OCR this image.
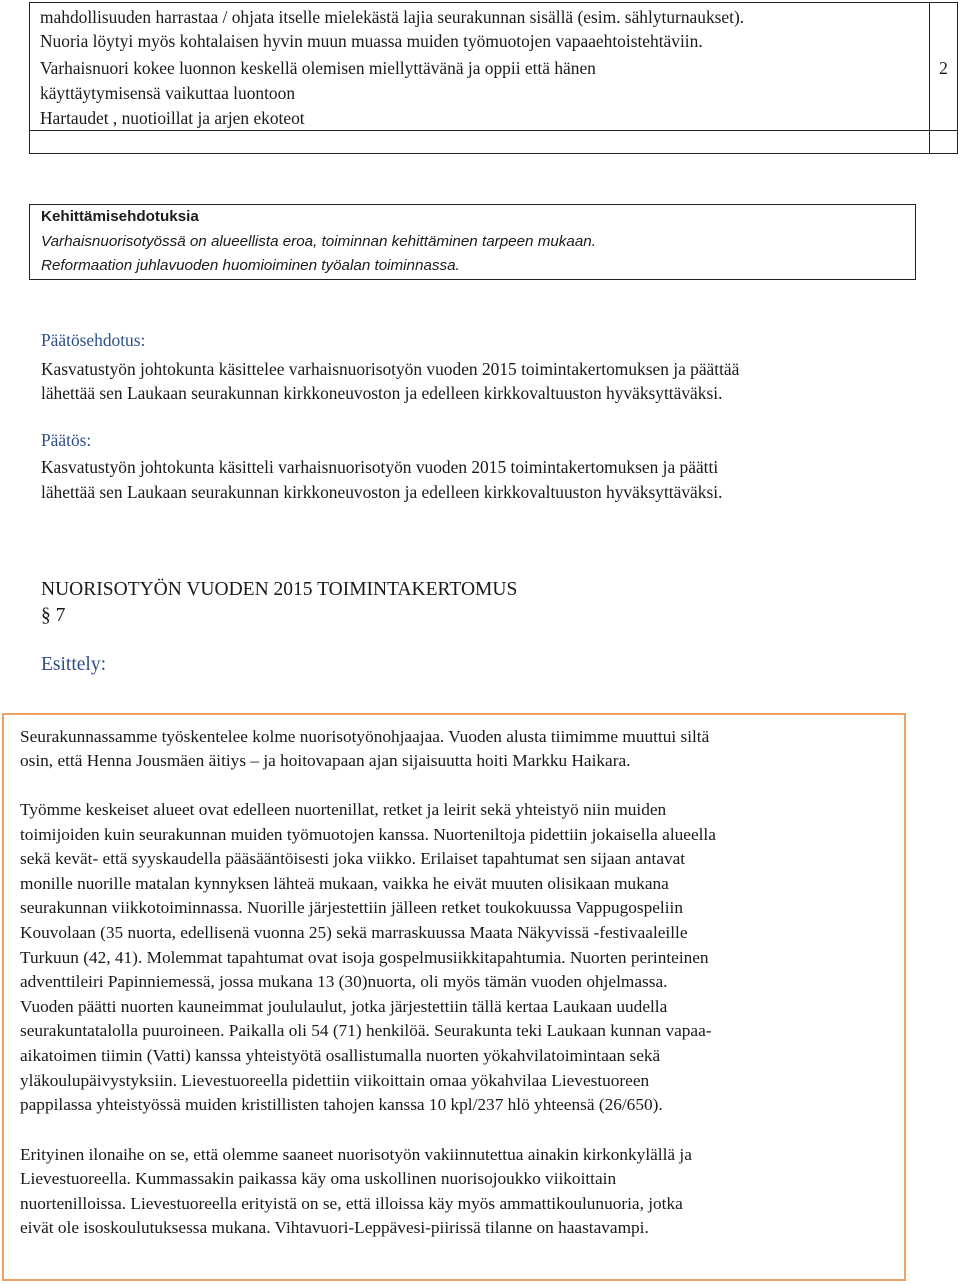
mahdollisuuden harrastaa / ohjata itselle mielekästä lajia seurakunnan sisällä (esim. sählyturnaukset).
Nuoria löytyi myös kohtalaisen hyvin muun muassa muiden työmuotojen vapaaehtoistehtäviin.
Varhaisnuori kokee luonnon keskellä olemisen miellyttävänä ja oppii että hänen
käyttäytymisensä vaikuttaa luontoon
Hartaudet , nuotioillat ja arjen ekoteot
2
Kehittämisehdotuksia
Varhaisnuorisotyössä on alueellista eroa, toiminnan kehittäminen tarpeen mukaan.
Reformaation juhlavuoden huomioiminen työalan toiminnassa.
Päätösehdotus:
Kasvatustyön johtokunta käsittelee varhaisnuorisotyön vuoden 2015 toimintakertomuksen ja päättää
lähettää sen Laukaan seurakunnan kirkkoneuvoston ja edelleen kirkkovaltuuston hyväksyttäväksi.
Päätös:
Kasvatustyön johtokunta käsitteli varhaisnuorisotyön vuoden 2015 toimintakertomuksen ja päätti
lähettää sen Laukaan seurakunnan kirkkoneuvoston ja edelleen kirkkovaltuuston hyväksyttäväksi.
NUORISOTYÖN VUODEN 2015 TOIMINTAKERTOMUS
§ 7
Esittely:
Seurakunnassamme työskentelee kolme nuorisotyönohjaajaa. Vuoden alusta tiimimme muuttui siltä
osin, että Henna Jousmäen äitiys – ja hoitovapaan ajan sijaisuutta hoiti Markku Haikara.
Työmme keskeiset alueet ovat edelleen nuortenillat, retket ja leirit sekä yhteistyö niin muiden
toimijoiden kuin seurakunnan muiden työmuotojen kanssa. Nuorteniltoja pidettiin jokaisella alueella
sekä kevät- että syyskaudella pääsääntöisesti joka viikko. Erilaiset tapahtumat sen sijaan antavat
monille nuorille matalan kynnyksen lähteä mukaan, vaikka he eivät muuten olisikaan mukana
seurakunnan viikkotoiminnassa. Nuorille järjestettiin jälleen retket toukokuussa Vappugospeliin
Kouvolaan (35 nuorta, edellisenä vuonna 25) sekä marraskuussa Maata Näkyvissä -festivaaleille
Turkuun (42, 41). Molemmat tapahtumat ovat isoja gospelmusiikkitapahtumia. Nuorten perinteinen
adventtileiri Papinniemessä, jossa mukana 13 (30)nuorta, oli myös tämän vuoden ohjelmassa.
Vuoden päätti nuorten kauneimmat joululaulut, jotka järjestettiin tällä kertaa Laukaan uudella
seurakuntatalolla puuroineen. Paikalla oli 54 (71) henkilöä. Seurakunta teki Laukaan kunnan vapaa-
aikatoimen tiimin (Vatti) kanssa yhteistyötä osallistumalla nuorten yökahvilatoimintaan sekä
yläkoulupäivystyksiin. Lievestuoreella pidettiin viikoittain omaa yökahvilaa Lievestuoreen
pappilassa yhteistyössä muiden kristillisten tahojen kanssa 10 kpl/237 hlö yhteensä (26/650).
Erityinen ilonaihe on se, että olemme saaneet nuorisotyön vakiinnutettua ainakin kirkonkylällä ja
Lievestuoreella. Kummassakin paikassa käy oma uskollinen nuorisojoukko viikoittain
nuortenilloissa. Lievestuoreella erityistä on se, että illoissa käy myös ammattikoulunuoria, jotka
eivät ole isoskoulutuksessa mukana. Vihtavuori-Leppävesi-piirissä tilanne on haastavampi.
